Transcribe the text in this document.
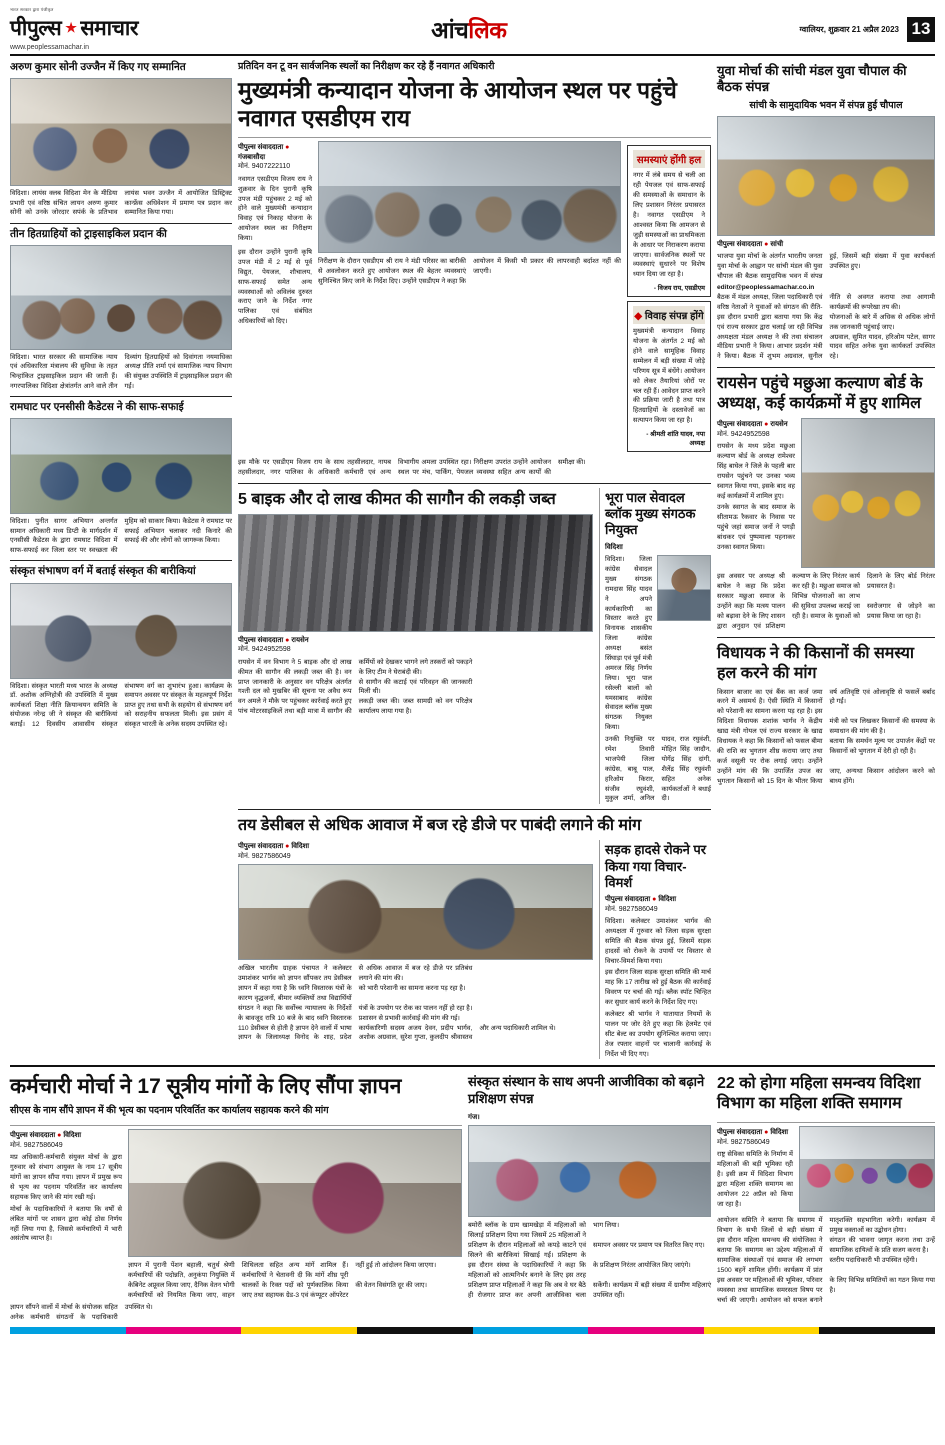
भारत सरकार द्वारा पंजीकृत
पीपुल्स ★ समाचार
www.peoplessamachar.in
आंचलिक	ग्वालियर, शुक्रवार 21 अप्रैल 2023 13
अरुण कुमार सोनी उज्जैन में किए गए सम्मानित
विदिशा। लायंस क्लब विदिशा मेन के मीडिया प्रभारी एवं वरिष्ठ संचित लायन अरुण कुमार सोनी को उनके जोरदार सपंर्क के प्रतिभाव लायंस भवन उज्जैन में आयोजित डिस्ट्रिक्ट कान्फ्रेंस अधिवेशन में प्रमाण पत्र प्रदान कर सम्मानित किया गया।
तीन हितग्राहियों को ट्राइसाइकिल प्रदान की
विदिशा। भारत सरकार की सामाजिक न्याय एवं अधिकारिता मंत्रालय की सुविधा के तहत चिन्हांकित ट्राइसाइकिल प्रदान की जाती हैं। नगरपालिका विदिशा क्षेत्रांतर्गत आने वाले तीन दिव्यांग हितग्राहियों को दिवांगता नयमाधिका अध्यक्ष प्रीति शर्मा एवं सामाजिक न्याय विभाग की संयुक्त उपस्थिति में ट्राइसाइकिल प्रदान की गईं।
रामघाट पर एनसीसी कैडेटस ने की साफ-सफाई
विदिशा। पुनीत सागर अभियान अन्तर्गत सामान अधिकारी मध्य डिप्टी के मार्गदर्शन में एनसीसी कैडेटस के द्वारा रामघाट विदिशा में साफ-सफाई कर जिला स्तर पर स्वच्छता की मुहिम को साकार किया। कैडेटस ने रामघाट पर सफाई अभियान चलाकर नदी किनारे की सफाई की और लोगों को जागरूक किया।
संस्कृत संभाषण वर्ग में बताई संस्कृत की बारीकियां
विदिशा। संस्कृत भारती मध्य भारत के अध्यक्ष डॉ. अशोक अग्निहोत्री की उपस्थिति में मुख्य कार्यकर्ता शिक्षा नीति क्रियान्वयन समिति के संयोजक नरेन्द्र जी ने संस्कृत की बारीकियां बताईं। 12 दिवसीय आवासीय संस्कृत संभाषण वर्ग का शुभारंभ हुआ। कार्यक्रम के समापन अवसर पर संस्कृत के महत्वपूर्ण निर्देश प्राप्त हुए तथा सभी के सहयोग से संभाषण वर्ग को सराहनीय सफलता मिली। इस प्रसंग में संस्कृत भारती के अनेक सदस्य उपस्थित रहे।
प्रतिदिन वन टू वन सार्वजनिक स्थलों का निरीक्षण कर रहे हैं नवागत अधिकारी
मुख्यमंत्री कन्यादान योजना के आयोजन स्थल पर पहुंचे नवागत एसडीएम राय
पीपुल्स संवाददाता ● गंजबासौदा
मोनं. 9407222110
नवागत एसडीएम विजय राय ने शुक्रवार के दिन पुरानी कृषि उपज मंडी पहुंचकर 2 मई को होने वाले मुख्यमंत्री कन्यादान विवाह एवं निकाह योजना के आयोजन स्थल का निरीक्षण किया।
इस दौरान उन्होंने पुरानी कृषि उपज मंडी में 2 मई से पूर्व विद्युत, पेयजल, शौचालय, साफ-सफाई समेत अन्य व्यवस्थाओं को अविलंब दुरुस्त कराए जाने के निर्देश नगर पालिका एवं संबंधित अधिकारियों को दिए।
निरीक्षण के दौरान एसडीएम श्री राय ने मंडी परिसर का बारीकी से अवलोकन करते हुए आयोजन स्थल की बेहतर व्यवस्थाएं सुनिश्चित किए जाने के निर्देश दिए। उन्होंने एसडीएम ने कहा कि आयोजन में किसी भी प्रकार की लापरवाही बर्दाश्त नहीं की जाएगी।
समस्याएं होंगी हल
नगर में लंबे समय से चली आ रही पेयजल एवं साफ-सफाई की समस्याओं के समाधान के लिए प्रशासन निरंतर प्रयासरत है। नवागत एसडीएम ने आश्वस्त किया कि आमजन से जुड़ी समस्याओं का प्राथमिकता के आधार पर निराकरण कराया जाएगा। सार्वजनिक स्थलों पर व्यवस्थाएं सुधारने पर विशेष ध्यान दिया जा रहा है।
- विजय राय, एसडीएम
◆ विवाह संपन्न होंगे
मुख्यमंत्री कन्यादान विवाह योजना के अंतर्गत 2 मई को होने वाले सामूहिक विवाह सम्मेलन में बड़ी संख्या में जोड़े परिणय सूत्र में बंधेंगे। आयोजन को लेकर तैयारियां जोरों पर चल रही हैं। आवेदन प्राप्त करने की प्रक्रिया जारी है तथा पात्र हितग्राहियों के दस्तावेजों का सत्यापन किया जा रहा है।
- श्रीमती शांति यादव, नपा अध्यक्ष
इस मौके पर एसडीएम विजय राय के साथ तहसीलदार, नायब तहसीलदार, नगर पालिका के अधिकारी कर्मचारी एवं अन्य विभागीय अमला उपस्थित रहा। निरीक्षण उपरांत उन्होंने आयोजन स्थल पर मंच, पार्किंग, पेयजल व्यवस्था सहित अन्य कार्यों की समीक्षा की।
5 बाइक और दो लाख कीमत की सागौन की लकड़ी जब्त
पीपुल्स संवाददाता ● रायसेन
मोनं. 9424952598
रायसेन में वन विभाग ने 5 बाइक और दो लाख कीमत की सागौन की लकड़ी जब्त की है। वन कर्मियों को देखकर भागने लगे तस्करों को पकड़ने के लिए टीम ने घेराबंदी की।
प्राप्त जानकारी के अनुसार वन परिक्षेत्र अंतर्गत गश्ती दल को मुखबिर की सूचना पर अवैध रूप से सागौन की कटाई एवं परिवहन की जानकारी मिली थी।
वन अमले ने मौके पर पहुंचकर कार्रवाई करते हुए पांच मोटरसाइकिलें तथा बड़ी मात्रा में सागौन की लकड़ी जब्त की। जब्त सामग्री को वन परिक्षेत्र कार्यालय लाया गया है।
भूरा पाल सेवादल ब्लॉक मुख्य संगठक नियुक्त
विदिशा
विदिशा। जिला कांग्रेस सेवादल मुख्य संगठक रामदास सिंह यादव ने अपने कार्यकारिणी का विस्तार करते हुए विनायक शासकीय जिला कांग्रेस अध्यक्ष बसंत सिंघाड़ा एवं पूर्व मंत्री अमरज सिंह निर्णय लिया। भूरा पाल रसेल्ली बालों को यमसाबाद कांग्रेस सेवादल ब्लॉक मुख्य संगठक नियुक्त किया।
उनकी नियुक्ति पर रमेश तिवारी भाजपेयी जिला कांग्रेस, बाबू पाल, हरिओम किरार, संजीव रघुवंशी, मुकुल शर्मा, अनिल यादव, राज रघुवंशी, मोहित सिंह जादौन, योगेंद्र सिंह दांगी, शैलेंद्र सिंह रघुवंशी सहित अनेक कार्यकर्ताओं ने बधाई दी।
तय डेसीबल से अधिक आवाज में बज रहे डीजे पर पाबंदी लगाने की मांग
पीपुल्स संवाददाता ● विदिशा
मोनं. 9827586049
अखिल भारतीय ग्राहक पंचायत ने कलेक्टर उमाशंकर भार्गव को ज्ञापन सौंपकर तय डेसीबल से अधिक आवाज में बज रहे डीजे पर प्रतिबंध लगाने की मांग की।
ज्ञापन में कहा गया है कि ध्वनि विस्तारक यंत्रों के कारण वृद्धजनों, बीमार व्यक्तियों तथा विद्यार्थियों को भारी परेशानी का सामना करना पड़ रहा है।
संगठन ने कहा कि सर्वोच्च न्यायालय के निर्देशों के बावजूद रात्रि 10 बजे के बाद ध्वनि विस्तारक यंत्रों के उपयोग पर रोक का पालन नहीं हो रहा है। प्रशासन से प्रभावी कार्रवाई की मांग की गई।
110 डेसीबल से होती है ज्ञापन देने वालों में भाषा ज्ञापन के जिलाध्यक्ष विनोद के शाह, प्रदेश कार्यकारिणी सदस्य अजय देवन, प्रदीप भार्गव, अशोक अग्रवाल, सुरेश गुप्ता, कुलदीप श्रीवास्तव और अन्य पदाधिकारी शामिल थे।
सड़क हादसे रोकने पर किया गया विचार-विमर्श
पीपुल्स संवाददाता ● विदिशा
मोनं. 9827586049
विदिशा। कलेक्टर उमाशंकर भार्गव की अध्यक्षता में गुरुवार को जिला सड़क सुरक्षा समिति की बैठक संपन्न हुई, जिसमें सड़क हादसों को रोकने के उपायों पर विस्तार से विचार-विमर्श किया गया।
इस दौरान जिला सड़क सुरक्षा समिति की मार्च माह कि 17 तारीख को हुई बैठक की कार्रवाई विवरण पर चर्चा की गई। ब्लैक स्पॉट चिन्हित कर सुधार कार्य करने के निर्देश दिए गए।
कलेक्टर श्री भार्गव ने यातायात नियमों के पालन पर जोर देते हुए कहा कि हेलमेट एवं सीट बेल्ट का उपयोग सुनिश्चित कराया जाए। तेज रफ्तार वाहनों पर चालानी कार्रवाई के निर्देश भी दिए गए।
युवा मोर्चा की सांची मंडल युवा चौपाल की बैठक संपन्न
सांची के सामुदायिक भवन में संपन्न हुई चौपाल
पीपुल्स संवाददाता ● सांची
भाजपा युवा मोर्चा के अंतर्गत भारतीय जनता युवा मोर्चा के आह्वान पर सांची मंडल की युवा चौपाल की बैठक सामुदायिक भवन में संपन्न हुई, जिसमें बड़ी संख्या में युवा कार्यकर्ता उपस्थित हुए।
editor@peoplessamachar.co.in
बैठक में मंडल अध्यक्ष, जिला पदाधिकारी एवं वरिष्ठ नेताओं ने युवाओं को संगठन की रीति-नीति से अवगत कराया तथा आगामी कार्यक्रमों की रूपरेखा तय की।
इस दौरान प्रभारी द्वारा बताया गया कि केंद्र एवं राज्य सरकार द्वारा चलाई जा रही विभिन्न योजनाओं के बारे में अधिक से अधिक लोगों तक जानकारी पहुंचाई जाए।
अध्यक्षता मंडल अध्यक्ष ने की तथा संचालन मीडिया प्रभारी ने किया। आभार प्रदर्शन मंत्री ने किया। बैठक में शुभम अग्रवाल, सुनील अग्रवाल, सुमित यादव, हरिओम पटेल, सागर यादव सहित अनेक युवा कार्यकर्ता उपस्थित रहे।
रायसेन पहुंचे मछुआ कल्याण बोर्ड के अध्यक्ष, कई कार्यक्रमों में हुए शामिल
पीपुल्स संवाददाता ● रायसेन
मोनं. 9424952598
रायसेन के मध्य प्रदेश मछुआ कल्याण बोर्ड के अध्यक्ष रामेश्वर सिंह बाघेल ने जिले के पहली बार रायसेन पहुंचने पर उनका भव्य स्वागत किया गया, इसके बाद वह कई कार्यक्रमों में शामिल हुए।
उनके स्वागत के बाद समाज के सीतामऊ रैकवार के निवास पर पहुंचे जहां समाज जनों ने पगड़ी बांधकर एवं पुष्पमाला पहनाकर उनका स्वागत किया।
इस अवसर पर अध्यक्ष श्री बाघेल ने कहा कि प्रदेश सरकार मछुआ समाज के कल्याण के लिए निरंतर कार्य कर रही है। मछुआ समाज को विभिन्न योजनाओं का लाभ दिलाने के लिए बोर्ड निरंतर प्रयासरत है।
उन्होंने कहा कि मत्स्य पालन को बढ़ावा देने के लिए शासन द्वारा अनुदान एवं प्रशिक्षण की सुविधा उपलब्ध कराई जा रही है। समाज के युवाओं को स्वरोजगार से जोड़ने का प्रयास किया जा रहा है।
विधायक ने की किसानों की समस्या हल करने की मांग
किसान बाजार का एवं बैंक का कर्ज जमा करने में असमर्थ है। ऐसी स्थिति में किसानों को परेशानी का सामना करना पड़ रहा है। इस वर्ष अतिवृष्टि एवं ओलावृष्टि से फसलें बर्बाद हो गईं।
विदिशा विधायक शशांक भार्गव ने केंद्रीय खाद्य मंत्री गोयल एवं राज्य सरकार के खाद्य मंत्री को पत्र लिखकर किसानों की समस्या के समाधान की मांग की है।
विधायक ने कहा कि किसानों को फसल बीमा की राशि का भुगतान शीघ्र कराया जाए तथा कर्ज वसूली पर रोक लगाई जाए। उन्होंने बताया कि समर्थन मूल्य पर उपार्जन केंद्रों पर किसानों को भुगतान में देरी हो रही है।
उन्होंने मांग की कि उपार्जित उपज का भुगतान किसानों को 15 दिन के भीतर किया जाए, अन्यथा किसान आंदोलन करने को बाध्य होंगे।
कर्मचारी मोर्चा ने 17 सूत्रीय मांगों के लिए सौंपा ज्ञापन
सीएस के नाम सौंपे ज्ञापन में की भृत्य का पदनाम परिवर्तित कर कार्यालय सहायक करने की मांग
पीपुल्स संवाददाता ● विदिशा
मोनं. 9827586049
मप्र अधिकारी-कर्मचारी संयुक्त मोर्चा के द्वारा गुरुवार को संभाग आयुक्त के नाम 17 सूत्रीय मांगों का ज्ञापन सौंपा गया। ज्ञापन में प्रमुख रूप से भृत्य का पदनाम परिवर्तित कर कार्यालय सहायक किए जाने की मांग रखी गई।
मोर्चा के पदाधिकारियों ने बताया कि वर्षों से लंबित मांगों पर शासन द्वारा कोई ठोस निर्णय नहीं लिया गया है, जिससे कर्मचारियों में भारी असंतोष व्याप्त है।
ज्ञापन में पुरानी पेंशन बहाली, चतुर्थ श्रेणी कर्मचारियों की पदोन्नति, अनुकंपा नियुक्ति में शिथिलता सहित अन्य मांगें शामिल हैं। कर्मचारियों ने चेतावनी दी कि मांगें शीघ्र पूरी नहीं हुईं तो आंदोलन किया जाएगा।
केबिनेट अप्रूवल किया जाए, दैनिक वेतन भोगी कर्मचारियों को नियमित किया जाए, वाहन चालकों के रिक्त पदों को पूर्णकालिक किया जाए तथा सहायक ग्रेड-3 एवं कंप्यूटर ऑपरेटर की वेतन विसंगति दूर की जाए।
ज्ञापन सौंपने वालों में मोर्चा के संयोजक सहित अनेक कर्मचारी संगठनों के पदाधिकारी उपस्थित थे।
संस्कृत संस्थान के साथ अपनी आजीविका को बढ़ाने प्रशिक्षण संपन्न
गंज।
बमोरी ब्लॉक के ग्राम खामखेड़ा में महिलाओं को सिलाई प्रशिक्षण दिया गया जिसमें 25 महिलाओं ने भाग लिया।
प्रशिक्षण के दौरान महिलाओं को कपड़े काटने एवं सिलने की बारीकियां सिखाई गईं। प्रशिक्षण के समापन अवसर पर प्रमाण पत्र वितरित किए गए।
इस दौरान संस्था के पदाधिकारियों ने कहा कि महिलाओं को आत्मनिर्भर बनाने के लिए इस तरह के प्रशिक्षण निरंतर आयोजित किए जाएंगे।
प्रशिक्षण प्राप्त महिलाओं ने कहा कि अब वे घर बैठे ही रोजगार प्राप्त कर अपनी आजीविका चला सकेंगी। कार्यक्रम में बड़ी संख्या में ग्रामीण महिलाएं उपस्थित रहीं।
22 को होगा महिला समन्वय विदिशा विभाग का महिला शक्ति समागम
पीपुल्स संवाददाता ● विदिशा
मोनं. 9827586049
राष्ट्र सेविका समिति के निर्माण में महिलाओं की बड़ी भूमिका रही है। इसी क्रम में विदिशा विभाग द्वारा महिला शक्ति समागम का आयोजन 22 अप्रैल को किया जा रहा है।
आयोजन समिति ने बताया कि समागम में विभाग के सभी जिलों से बड़ी संख्या में मातृशक्ति सहभागिता करेगी। कार्यक्रम में प्रमुख वक्ताओं का उद्बोधन होगा।
इस दौरान महिला समन्वय की संयोजिका ने बताया कि समागम का उद्देश्य महिलाओं में संगठन की भावना जागृत करना तथा उन्हें सामाजिक दायित्वों के प्रति सजग करना है।
सामाजिक संस्थाओं एवं समाज की लगभग 1500 बहनें शामिल होंगी। कार्यक्रम में प्रांत स्तरीय पदाधिकारी भी उपस्थित रहेंगी।
इस अवसर पर महिलाओं की भूमिका, परिवार व्यवस्था तथा सामाजिक समरसता विषय पर चर्चा की जाएगी। आयोजन को सफल बनाने के लिए विभिन्न समितियों का गठन किया गया है।
